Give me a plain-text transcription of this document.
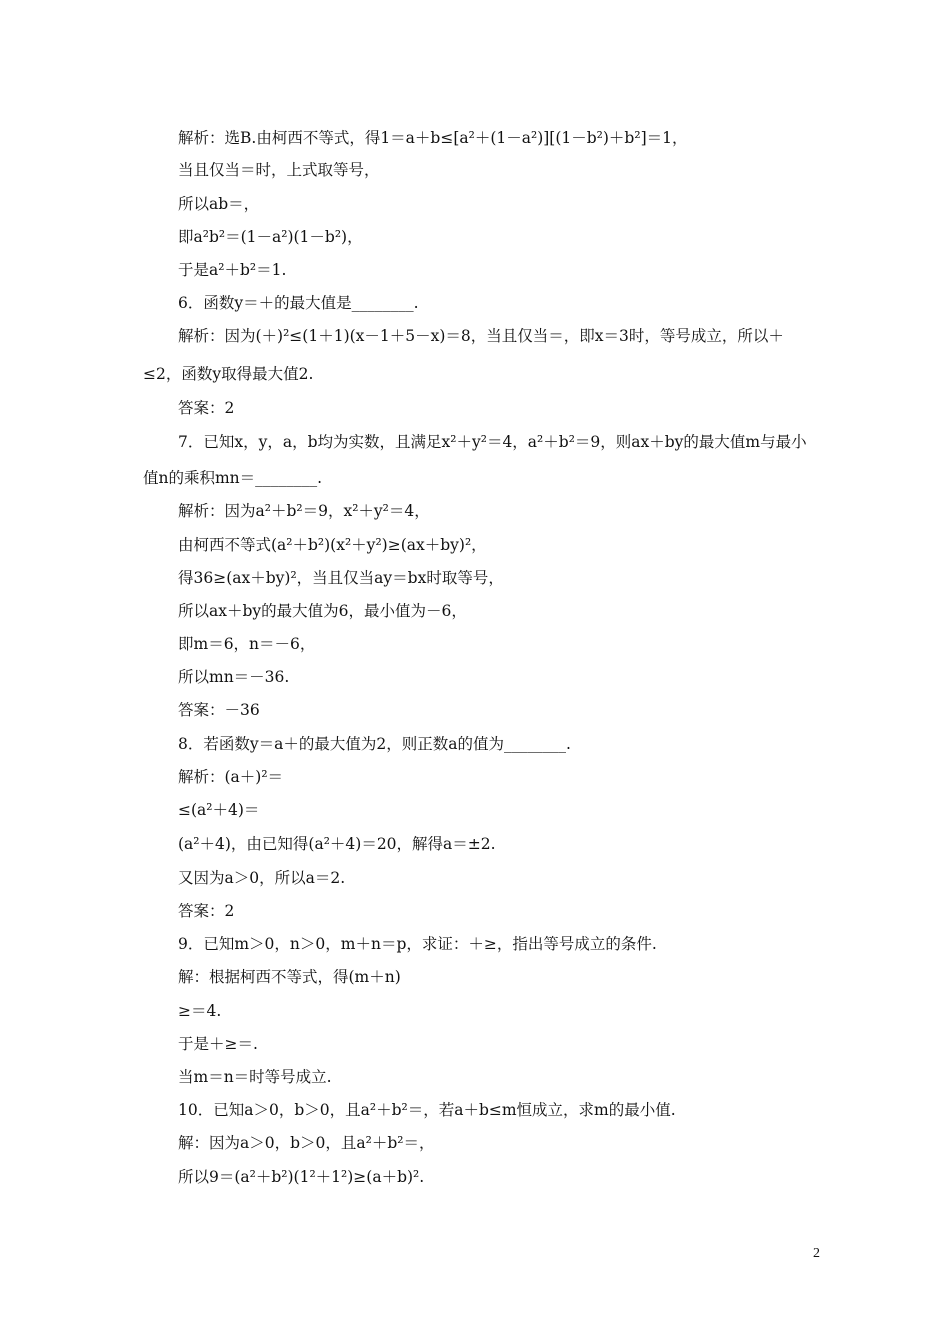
解析：选B.由柯西不等式，得1＝a＋b≤[a²＋(1－a²)][(1－b²)＋b²]＝1，
当且仅当＝时，上式取等号，
所以ab＝，
即a²b²＝(1－a²)(1－b²)，
于是a²＋b²＝1.
6．函数y＝＋的最大值是________.
解析：因为(＋)²≤(1＋1)(x－1＋5－x)＝8，当且仅当＝，即x＝3时，等号成立，所以＋
≤2，函数y取得最大值2.
答案：2
7．已知x，y，a，b均为实数，且满足x²＋y²＝4，a²＋b²＝9，则ax＋by的最大值m与最小
值n的乘积mn＝________.
解析：因为a²＋b²＝9，x²＋y²＝4，
由柯西不等式(a²＋b²)(x²＋y²)≥(ax＋by)²，
得36≥(ax＋by)²，当且仅当ay＝bx时取等号，
所以ax＋by的最大值为6，最小值为－6，
即m＝6，n＝－6，
所以mn＝－36.
答案：－36
8．若函数y＝a＋的最大值为2，则正数a的值为________.
解析：(a＋)²＝
≤(a²＋4)＝
(a²＋4)，由已知得(a²＋4)＝20，解得a＝±2.
又因为a＞0，所以a＝2.
答案：2
9．已知m＞0，n＞0，m＋n＝p，求证：＋≥，指出等号成立的条件.
解：根据柯西不等式，得(m＋n)
≥＝4.
于是＋≥＝.
当m＝n＝时等号成立.
10．已知a＞0，b＞0，且a²＋b²＝，若a＋b≤m恒成立，求m的最小值.
解：因为a＞0，b＞0，且a²＋b²＝，
所以9＝(a²＋b²)(1²＋1²)≥(a＋b)².
2
